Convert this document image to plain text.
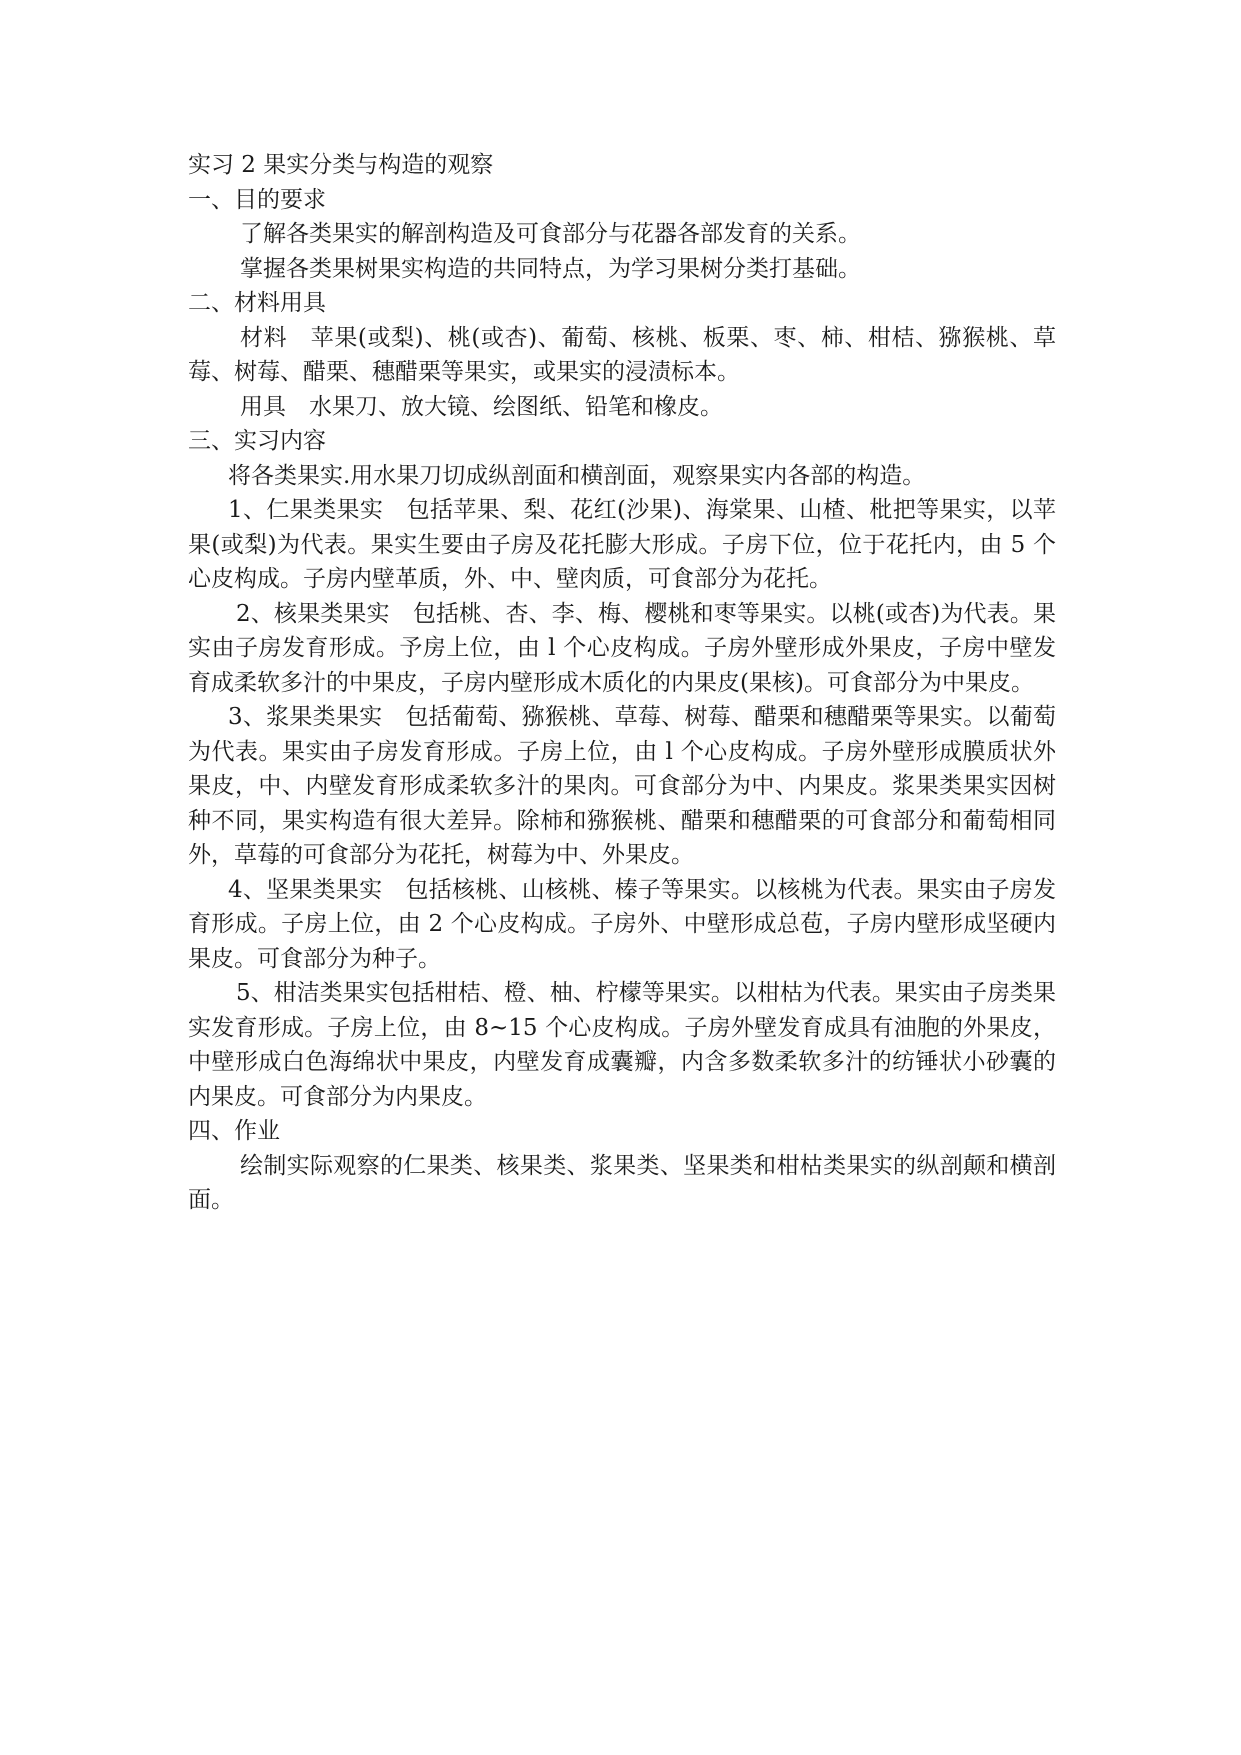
实习 2 果实分类与构造的观察

一、目的要求

了解各类果实的解剖构造及可食部分与花器各部发育的关系。

掌握各类果树果实构造的共同特点，为学习果树分类打基础。

二、材料用具

材料　苹果(或梨)、桃(或杏)、葡萄、核桃、板栗、枣、柿、柑桔、猕猴桃、草莓、树莓、醋栗、穗醋栗等果实，或果实的浸渍标本。

用具　水果刀、放大镜、绘图纸、铅笔和橡皮。

三、实习内容

将各类果实.用水果刀切成纵剖面和横剖面，观察果实内各部的构造。

1、仁果类果实　包括苹果、梨、花红(沙果)、海棠果、山楂、枇把等果实，以苹果(或梨)为代表。果实生要由子房及花托膨大形成。子房下位，位于花托内，由 5 个心皮构成。子房内壁革质，外、中、壁肉质，可食部分为花托。

2、核果类果实　包括桃、杏、李、梅、樱桃和枣等果实。以桃(或杏)为代表。果实由子房发育形成。予房上位，由 l 个心皮构成。子房外壁形成外果皮，子房中壁发育成柔软多汁的中果皮，子房内壁形成木质化的内果皮(果核)。可食部分为中果皮。

3、浆果类果实　包括葡萄、猕猴桃、草莓、树莓、醋栗和穗醋栗等果实。以葡萄为代表。果实由子房发育形成。子房上位，由 l 个心皮构成。子房外壁形成膜质状外果皮，中、内壁发育形成柔软多汁的果肉。可食部分为中、内果皮。浆果类果实因树种不同，果实构造有很大差异。除柿和猕猴桃、醋栗和穗醋栗的可食部分和葡萄相同外，草莓的可食部分为花托，树莓为中、外果皮。

4、坚果类果实　包括核桃、山核桃、榛子等果实。以核桃为代表。果实由子房发育形成。子房上位，由 2 个心皮构成。子房外、中壁形成总苞，子房内壁形成坚硬内果皮。可食部分为种子。

5、柑洁类果实包括柑桔、橙、柚、柠檬等果实。以柑枯为代表。果实由子房类果实发育形成。子房上位，由 8~15 个心皮构成。子房外壁发育成具有油胞的外果皮，中壁形成白色海绵状中果皮，内壁发育成囊瓣，内含多数柔软多汁的纺锤状小砂囊的内果皮。可食部分为内果皮。

四、作业

绘制实际观察的仁果类、核果类、浆果类、坚果类和柑枯类果实的纵剖颠和横剖面。
